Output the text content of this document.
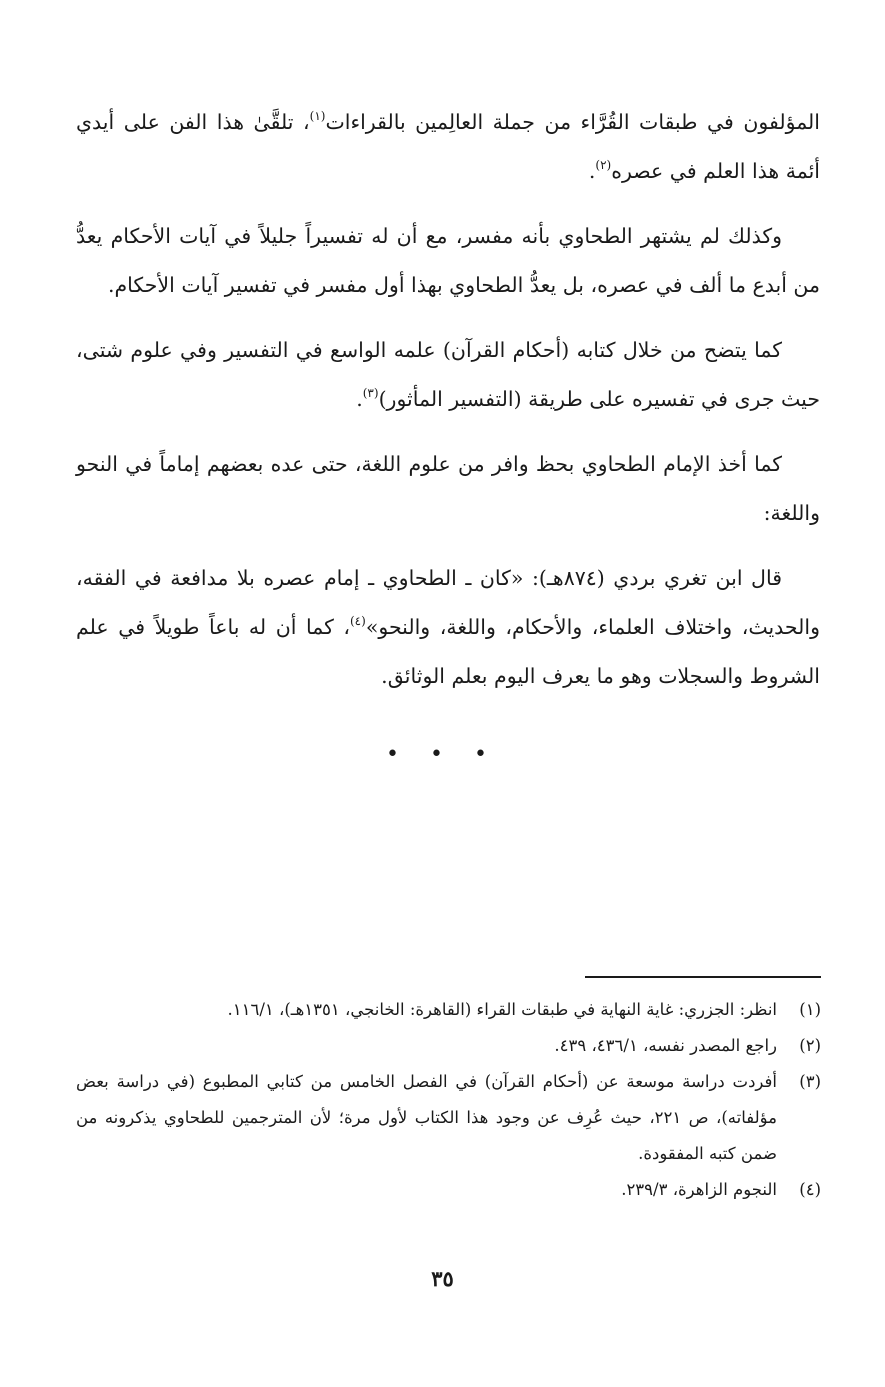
المؤلفون في طبقات القُرَّاء من جملة العالِمين بالقراءات$^{(١)}$، تلقَّىٰ هذا الفن على أيدي أئمة هذا العلم في عصره$^{(٢)}$.

وكذلك لم يشتهر الطحاوي بأنه مفسر، مع أن له تفسيراً جليلاً في آيات الأحكام يعدُّ من أبدع ما ألف في عصره، بل يعدُّ الطحاوي بهذا أول مفسر في تفسير آيات الأحكام.

كما يتضح من خلال كتابه (أحكام القرآن) علمه الواسع في التفسير وفي علوم شتى، حيث جرى في تفسيره على طريقة (التفسير المأثور)$^{(٣)}$.

كما أخذ الإمام الطحاوي بحظ وافر من علوم اللغة، حتى عده بعضهم إماماً في النحو واللغة:

قال ابن تغري بردي (٨٧٤هـ): «كان ـ الطحاوي ـ إمام عصره بلا مدافعة في الفقه، والحديث، واختلاف العلماء، والأحكام، واللغة، والنحو»$^{(٤)}$، كما أن له باعاً طويلاً في علم الشروط والسجلات وهو ما يعرف اليوم بعلم الوثائق.

• • •
(١)
انظر: الجزري: غاية النهاية في طبقات القراء (القاهرة: الخانجي، ١٣٥١هـ)، ١١٦/١.
(٢)
راجع المصدر نفسه، ٤٣٦/١، ٤٣٩.
(٣)
أفردت دراسة موسعة عن (أحكام القرآن) في الفصل الخامس من كتابي المطبوع (في دراسة بعض مؤلفاته)، ص ٢٢١، حيث عُرِف عن وجود هذا الكتاب لأول مرة؛ لأن المترجمين للطحاوي يذكرونه من ضمن كتبه المفقودة.
(٤)
النجوم الزاهرة، ٢٣٩/٣.
٣٥
